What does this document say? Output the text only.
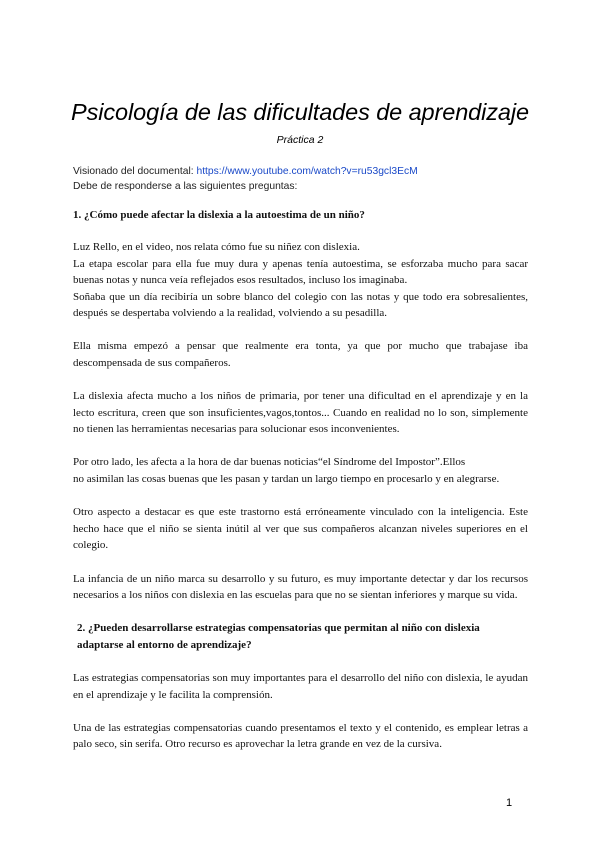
Psicología de las dificultades de aprendizaje
Práctica 2
Visionado del documental: https://www.youtube.com/watch?v=ru53gcl3EcM
Debe de responderse a las siguientes preguntas:
1. ¿Cómo puede afectar la dislexia a la autoestima de un niño?

Luz Rello, en el video, nos relata cómo fue su niñez con dislexia.

La etapa escolar para ella fue muy dura y apenas tenía autoestima, se esforzaba mucho para sacar buenas notas y nunca veía reflejados esos resultados, incluso los imaginaba.

Soñaba que un día recibiría un sobre blanco del colegio con las notas y que todo era sobresalientes, después se despertaba volviendo a la realidad, volviendo a su pesadilla.

Ella misma empezó a pensar que realmente era tonta, ya que por mucho que trabajase iba descompensada de sus compañeros.

La dislexia afecta mucho a los niños de primaria, por tener una dificultad en el aprendizaje y en la lecto escritura, creen que son insuficientes,vagos,tontos... Cuando en realidad no lo son, simplemente no tienen las herramientas necesarias para solucionar esos inconvenientes.

Por otro lado, les afecta a la hora de dar buenas noticias“el Síndrome del Impostor”.Ellos

no asimilan las cosas buenas que les pasan y tardan un largo tiempo en procesarlo y en alegrarse.

Otro aspecto a destacar es que este trastorno está erróneamente vinculado con la inteligencia. Este hecho hace que el niño se sienta inútil al ver que sus compañeros alcanzan niveles superiores en el colegio.

La infancia de un niño marca su desarrollo y su futuro, es muy importante detectar y dar los recursos necesarios a los niños con dislexia en las escuelas para que no se sientan inferiores y marque su vida.

2. ¿Pueden desarrollarse estrategias compensatorias que permitan al niño con dislexia adaptarse al entorno de aprendizaje?

Las estrategias compensatorias son muy importantes para el desarrollo del niño con dislexia, le ayudan en el aprendizaje y le facilita la comprensión.

Una de las estrategias compensatorias cuando presentamos el texto y el contenido, es emplear letras a palo seco, sin serifa. Otro recurso es aprovechar la letra grande en vez de la cursiva.

1
